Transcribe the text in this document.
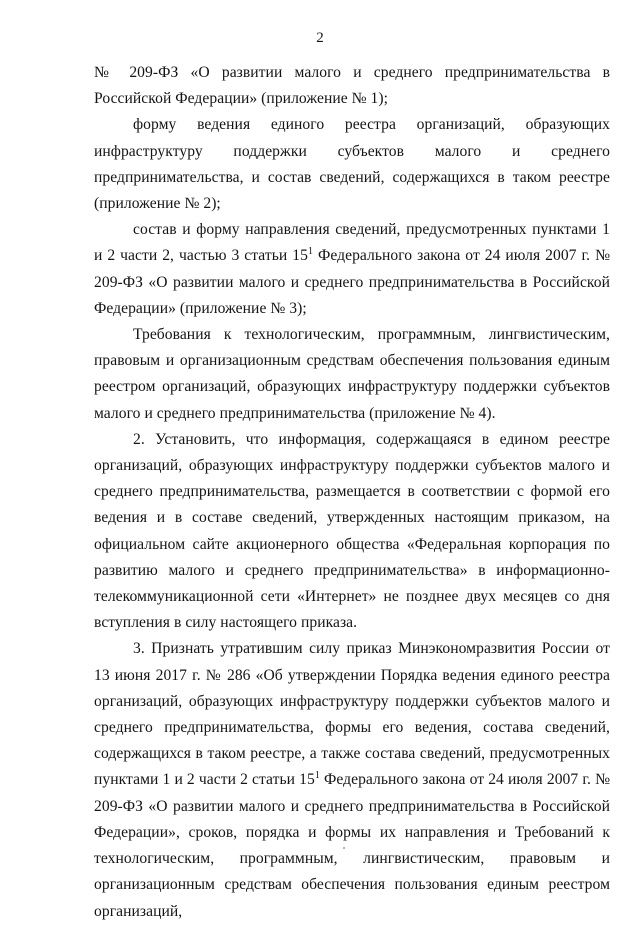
2

№ 209-ФЗ «О развитии малого и среднего предпринимательства в Российской Федерации» (приложение № 1);

форму ведения единого реестра организаций, образующих инфраструктуру поддержки субъектов малого и среднего предпринимательства, и состав сведений, содержащихся в таком реестре (приложение № 2);

состав и форму направления сведений, предусмотренных пунктами 1 и 2 части 2, частью 3 статьи $15^1$ Федерального закона от 24 июля 2007 г. № 209-ФЗ «О развитии малого и среднего предпринимательства в Российской Федерации» (приложение № 3);

Требования к технологическим, программным, лингвистическим, правовым и организационным средствам обеспечения пользования единым реестром организаций, образующих инфраструктуру поддержки субъектов малого и среднего предпринимательства (приложение № 4).

2. Установить, что информация, содержащаяся в едином реестре организаций, образующих инфраструктуру поддержки субъектов малого и среднего предпринимательства, размещается в соответствии с формой его ведения и в составе сведений, утвержденных настоящим приказом, на официальном сайте акционерного общества «Федеральная корпорация по развитию малого и среднего предпринимательства» в информационно-телекоммуникационной сети «Интернет» не позднее двух месяцев со дня вступления в силу настоящего приказа.

3. Признать утратившим силу приказ Минэкономразвития России от 13 июня 2017 г. № 286 «Об утверждении Порядка ведения единого реестра организаций, образующих инфраструктуру поддержки субъектов малого и среднего предпринимательства, формы его ведения, состава сведений, содержащихся в таком реестре, а также состава сведений, предусмотренных пунктами 1 и 2 части 2 статьи $15^1$ Федерального закона от 24 июля 2007 г. № 209-ФЗ «О развитии малого и среднего предпринимательства в Российской Федерации», сроков, порядка и формы их направления и Требований к технологическим, программным, лингвистическим, правовым и организационным средствам обеспечения пользования единым реестром организаций,
